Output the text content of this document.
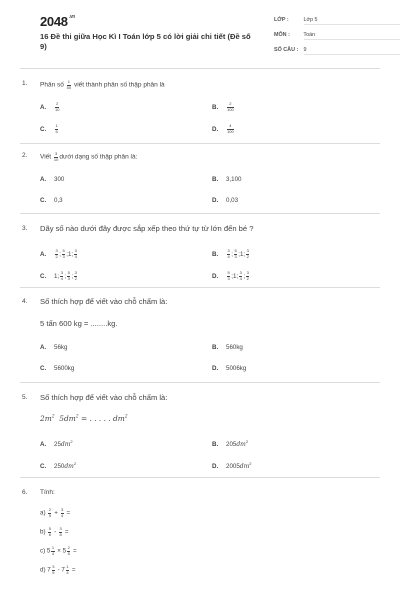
$2048^{.vn}$
16 Đề thi giữa Học Kì I Toán lớp 5 có lời giải chi tiết (Đề số 9)
LỚP :	Lớp 5
MÔN :	Toán
SỐ CÂU : 9
1. Phân số $\frac{1}{50}$ viết thành phân số thập phân là
A. $\frac{2}{10}$	B. $\frac{2}{100}$
C. $\frac{1}{5}$	D. $\frac{4}{100}$
2. Viết $\frac{3}{10}$ dưới dạng số thập phân là:
A. 300	B. 3,100
C. 0,3	D. 0,03
3. Dãy số nào dưới đây được sắp xếp theo thứ tự từ lớn đến bé ?
A. $\frac{3}{2}$ ; $\frac{5}{3}$ ;1; $\frac{3}{4}$	B. $\frac{3}{4}$ ; $\frac{5}{3}$ ;1; $\frac{3}{2}$
C. 1; $\frac{3}{4}$ ; $\frac{5}{3}$ ; $\frac{3}{2}$	D. $\frac{5}{3}$ ;1; $\frac{3}{4}$ ; $\frac{3}{2}$
4. Số thích hợp để viết vào chỗ chấm là:
5 tấn 600 kg = ........kg.
A. 56kg	B. 560kg
C. 5600kg	D. 5006kg
5. Số thích hợp để viết vào chỗ chấm là:
$2m^2$ $5dm^2$ = . . . . . $dm^2$
A. $25dm^2$	B. $205dm^2$
C. $250dm^2$	D. $2005dm^2$
6. Tính:
$a) \frac{2}{5} + \frac{3}{4}$ =
$b) \frac{5}{6} - \frac{3}{8}$ =
c) $5 \frac{1}{4} \times 5 \frac{2}{5}$ =
d) $7 \frac{3}{5} - 7 \frac{1}{4}$ =
